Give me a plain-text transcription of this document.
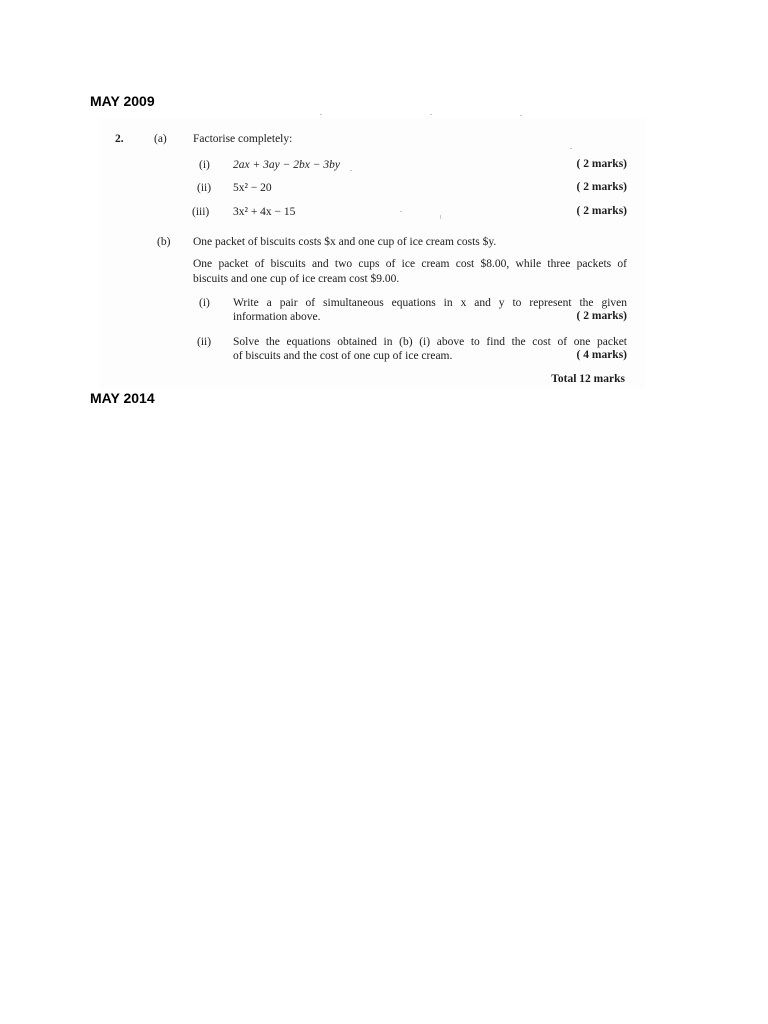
MAY 2009
2.	(a) Factorise completely:
(i) 2ax + 3ay − 2bx − 3by	( 2 marks)
(ii) 5x² − 20	( 2 marks)
(iii) 3x² + 4x − 15	( 2 marks)
(b) One packet of biscuits costs $x and one cup of ice cream costs $y.
One packet of biscuits and two cups of ice cream cost $8.00, while three packets of
biscuits and one cup of ice cream cost $9.00.
(i) Write a pair of simultaneous equations in x and y to represent the given
information above.	( 2 marks)
(ii) Solve the equations obtained in (b) (i) above to find the cost of one packet
of biscuits and the cost of one cup of ice cream.	( 4 marks)
Total 12 marks
MAY 2014
